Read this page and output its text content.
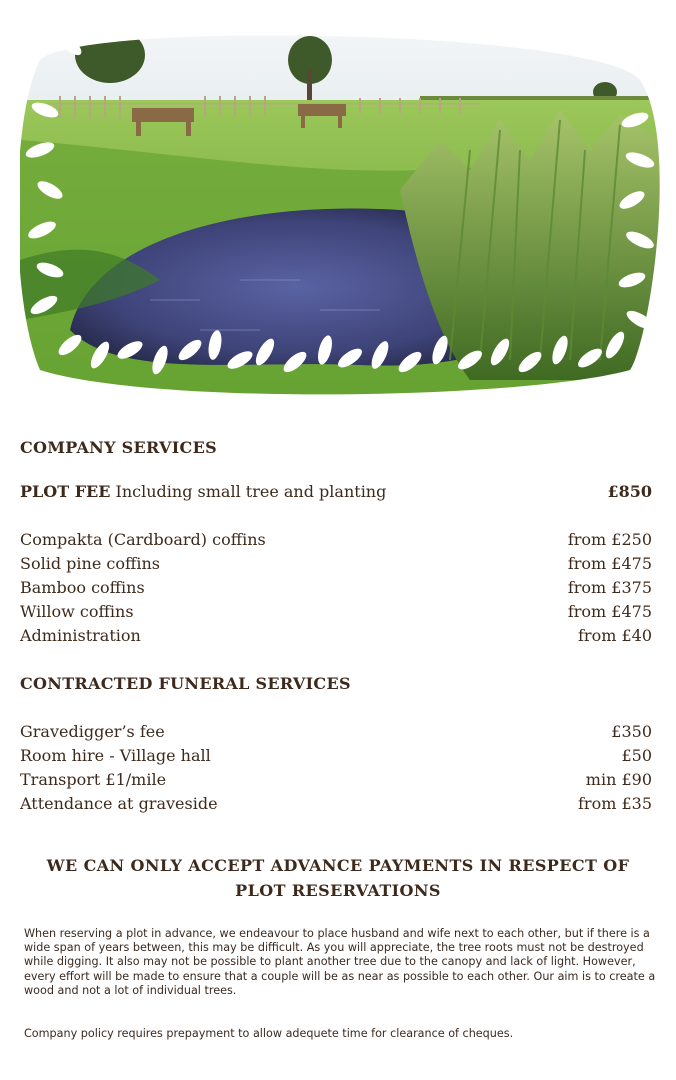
COMPANY SERVICES
PLOT FEE Including small tree and planting	£850
Compakta (Cardboard) coffins	from £250
Solid pine coffins	from £475
Bamboo coffins	from £375
Willow coffins	from £475
Administration	from £40
CONTRACTED FUNERAL SERVICES
Gravedigger’s fee	£350
Room hire - Village hall	£50
Transport £1/mile	min £90
Attendance at graveside	from £35
WE CAN ONLY ACCEPT ADVANCE PAYMENTS IN RESPECT OF
PLOT RESERVATIONS
When reserving a plot in advance, we endeavour to place husband and wife next to each other, but if there is a wide span of years between, this may be difficult. As you will appreciate, the tree roots must not be destroyed while digging. It also may not be possible to plant another tree due to the canopy and lack of light. However, every effort will be made to ensure that a couple will be as near as possible to each other. Our aim is to create a wood and not a lot of individual trees.
Company policy requires prepayment to allow adequete time for clearance of cheques.
